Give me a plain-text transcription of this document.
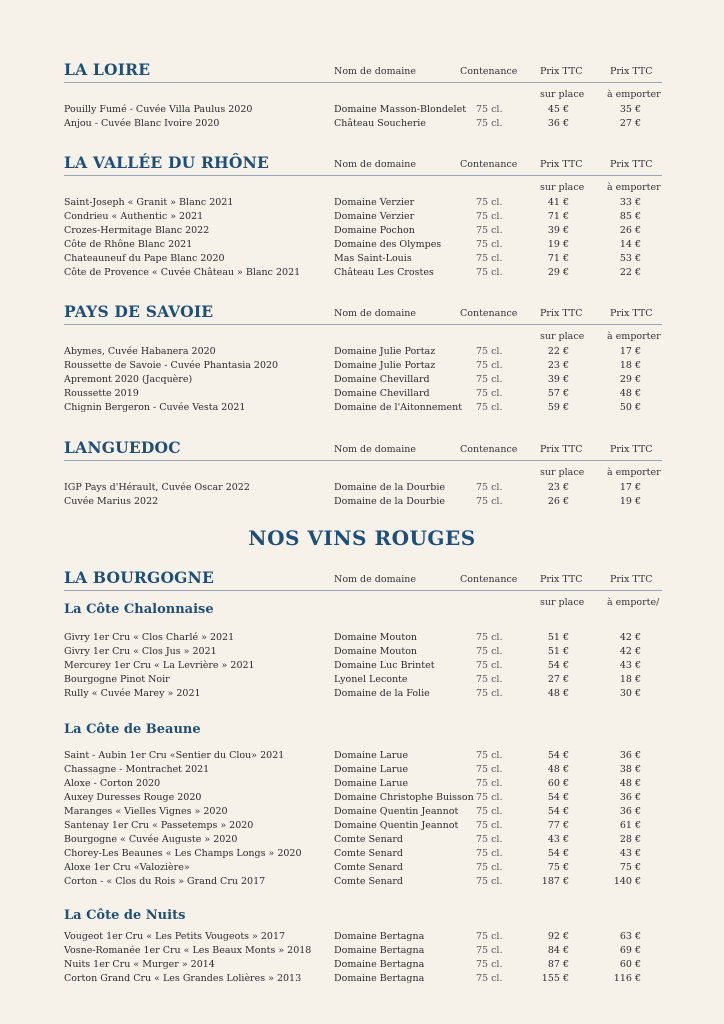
LA LOIRE	Nom de domaine	Contenance Prix TTC	Prix TTC
sur place à emporter
Pouilly Fumé - Cuvée Villa Paulus 2020	Domaine Masson-Blondelet 75 cl.	45 €	35 €
Anjou - Cuvée Blanc Ivoire 2020	Château Soucherie	75 cl.	36 €	27 €
LA VALLÉE DU RHÔNE	Nom de domaine	Contenance Prix TTC	Prix TTC
sur place à emporter
Saint-Joseph « Granit » Blanc 2021	Domaine Verzier	75 cl.	41 €	33 €
Condrieu « Authentic » 2021	Domaine Verzier	75 cl.	71 €	85 €
Crozes-Hermitage Blanc 2022	Domaine Pochon	75 cl.	39 €	26 €
Côte de Rhône Blanc 2021	Domaine des Olympes	75 cl.	19 €	14 €
Chateauneuf du Pape Blanc 2020	Mas Saint-Louis	75 cl.	71 €	53 €
Côte de Provence « Cuvée Château » Blanc 2021	Château Les Crostes	75 cl.	29 €	22 €
PAYS DE SAVOIE	Nom de domaine	Contenance Prix TTC	Prix TTC
sur place à emporter
Abymes, Cuvée Habanera 2020	Domaine Julie Portaz	75 cl.	22 €	17 €
Roussette de Savoie - Cuvée Phantasia 2020	Domaine Julie Portaz	75 cl.	23 €	18 €
Apremont 2020 (Jacquère)	Domaine Chevillard	75 cl.	39 €	29 €
Roussette 2019	Domaine Chevillard	75 cl.	57 €	48 €
Chignin Bergeron - Cuvée Vesta 2021	Domaine de l'Aitonnement 75 cl.	59 €	50 €
LANGUEDOC	Nom de domaine	Contenance Prix TTC	Prix TTC
sur place à emporter
IGP Pays d'Hérault, Cuvée Oscar 2022	Domaine de la Dourbie	75 cl.	23 €	17 €
Cuvée Marius 2022	Domaine de la Dourbie	75 cl.	26 €	19 €
NOS VINS ROUGES
LA BOURGOGNE	Nom de domaine	Contenance Prix TTC	Prix TTC
sur place à emporte/
La Côte Chalonnaise
Givry 1er Cru « Clos Charlé » 2021	Domaine Mouton	75 cl.	51 €	42 €
Givry 1er Cru « Clos Jus » 2021	Domaine Mouton	75 cl.	51 €	42 €
Mercurey 1er Cru « La Levrière » 2021	Domaine Luc Brintet	75 cl.	54 €	43 €
Bourgogne Pinot Noir	Lyonel Leconte	75 cl.	27 €	18 €
Rully « Cuvée Marey » 2021	Domaine de la Folie	75 cl.	48 €	30 €
La Côte de Beaune
Saint - Aubin 1er Cru «Sentier du Clou» 2021	Domaine Larue	75 cl.	54 €	36 €
Chassagne - Montrachet 2021	Domaine Larue	75 cl.	48 €	38 €
Aloxe - Corton 2020	Domaine Larue	75 cl.	60 €	48 €
Auxey Duresses Rouge 2020	Domaine Christophe Buisson 75 cl.	54 €	36 €
Maranges « Vielles Vignes » 2020	Domaine Quentin Jeannot 75 cl.	54 €	36 €
Santenay 1er Cru « Passetemps » 2020	Domaine Quentin Jeannot 75 cl.	77 €	61 €
Bourgogne « Cuvée Auguste » 2020	Comte Senard	75 cl.	43 €	28 €
Chorey-Les Beaunes « Les Champs Longs » 2020	Comte Senard	75 cl.	54 €	43 €
Aloxe 1er Cru «Valozière»	Comte Senard	75 cl.	75 €	75 €
Corton - « Clos du Rois » Grand Cru 2017	Comte Senard	75 cl.	187 €	140 €
La Côte de Nuits
Vougeot 1er Cru « Les Petits Vougeots » 2017	Domaine Bertagna	75 cl.	92 €	63 €
Vosne-Romanée 1er Cru « Les Beaux Monts » 2018 Domaine Bertagna	75 cl.	84 €	69 €
Nuits 1er Cru « Murger » 2014	Domaine Bertagna	75 cl.	87 €	60 €
Corton Grand Cru « Les Grandes Lolières » 2013	Domaine Bertagna	75 cl.	155 €	116 €
